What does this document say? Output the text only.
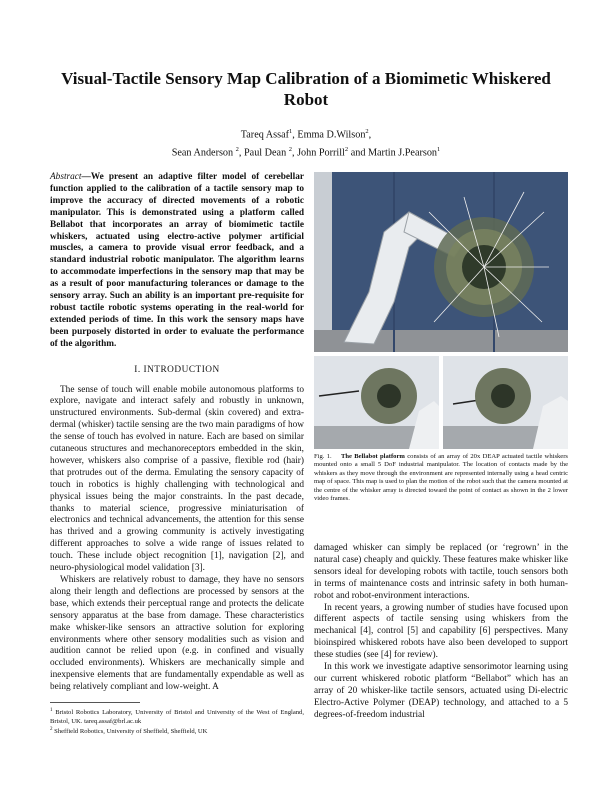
Visual-Tactile Sensory Map Calibration of a Biomimetic Whiskered Robot
Tareq Assaf$^1$, Emma D.Wilson$^2$,
Sean Anderson $^2$, Paul Dean $^2$, John Porrill$^2$ and Martin J.Pearson$^1$

Abstract—We present an adaptive filter model of cerebellar function applied to the calibration of a tactile sensory map to improve the accuracy of directed movements of a robotic manipulator. This is demonstrated using a platform called Bellabot that incorporates an array of biomimetic tactile whiskers, actuated using electro-active polymer artificial muscles, a camera to provide visual error feedback, and a standard industrial robotic manipulator. The algorithm learns to accommodate imperfections in the sensory map that may be as a result of poor manufacturing tolerances or damage to the sensory array. Such an ability is an important pre-requisite for robust tactile robotic systems operating in the real-world for extended periods of time. In this work the sensory maps have been purposely distorted in order to evaluate the performance of the algorithm.

I. INTRODUCTION

The sense of touch will enable mobile autonomous platforms to explore, navigate and interact safely and robustly in unknown, unstructured environments. Sub-dermal (skin covered) and extra-dermal (whisker) tactile sensing are the two main paradigms of how the sense of touch has evolved in nature. Each are based on similar cutaneous structures and mechanoreceptors embedded in the skin, however, whiskers also comprise of a passive, flexible rod (hair) that protrudes out of the derma. Emulating the sensory capacity of touch in robotics is highly challenging with technological and physical issues being the major constraints. In the past decade, thanks to material science, progressive miniaturisation of electronics and technical advancements, the attention for this sense has thrived and a growing community is actively investigating different approaches to solve a wide range of issues related to touch. These include object recognition [1], navigation [2], and neuro-physiological model validation [3].

Whiskers are relatively robust to damage, they have no sensors along their length and deflections are processed by sensors at the base, which extends their perceptual range and protects the delicate sensory apparatus at the base from damage. These characteristics make whisker-like sensors an attractive solution for exploring environments where other sensory modalities such as vision and audition cannot be relied upon (e.g. in confined and visually occluded environments). Whiskers are mechanically simple and inexpensive elements that are fundamentally expendable as well as being relatively compliant and low-weight. A

$^1$ Bristol Robotics Laboratory, University of Bristol and University of the West of England, Bristol, UK. tareq.assaf@brl.ac.uk

$^2$ Sheffield Robotics, University of Sheffield, Sheffield, UK

Fig. 1. The Bellabot platform consists of an array of 20x DEAP actuated tactile whiskers mounted onto a small 5 DoF industrial manipulator. The location of contacts made by the whiskers as they move through the environment are represented internally using a head centric map of space. This map is used to plan the motion of the robot such that the camera mounted at the centre of the whisker array is directed toward the point of contact as shown in the 2 lower video frames.

damaged whisker can simply be replaced (or ‘regrown’ in the natural case) cheaply and quickly. These features make whisker like sensors ideal for developing robots with tactile, touch sensors both in terms of maintenance costs and intrinsic safety in both human-robot and robot-environment interactions.

In recent years, a growing number of studies have focused upon different aspects of tactile sensing using whiskers from the mechanical [4], control [5] and capability [6] perspectives. Many bioinspired whiskered robots have also been developed to support these studies (see [4] for review).

In this work we investigate adaptive sensorimotor learning using our current whiskered robotic platform “Bellabot” which has an array of 20 whisker-like tactile sensors, actuated using Di-electric Electro-Active Polymer (DEAP) technology, and attached to a 5 degrees-of-freedom industrial
